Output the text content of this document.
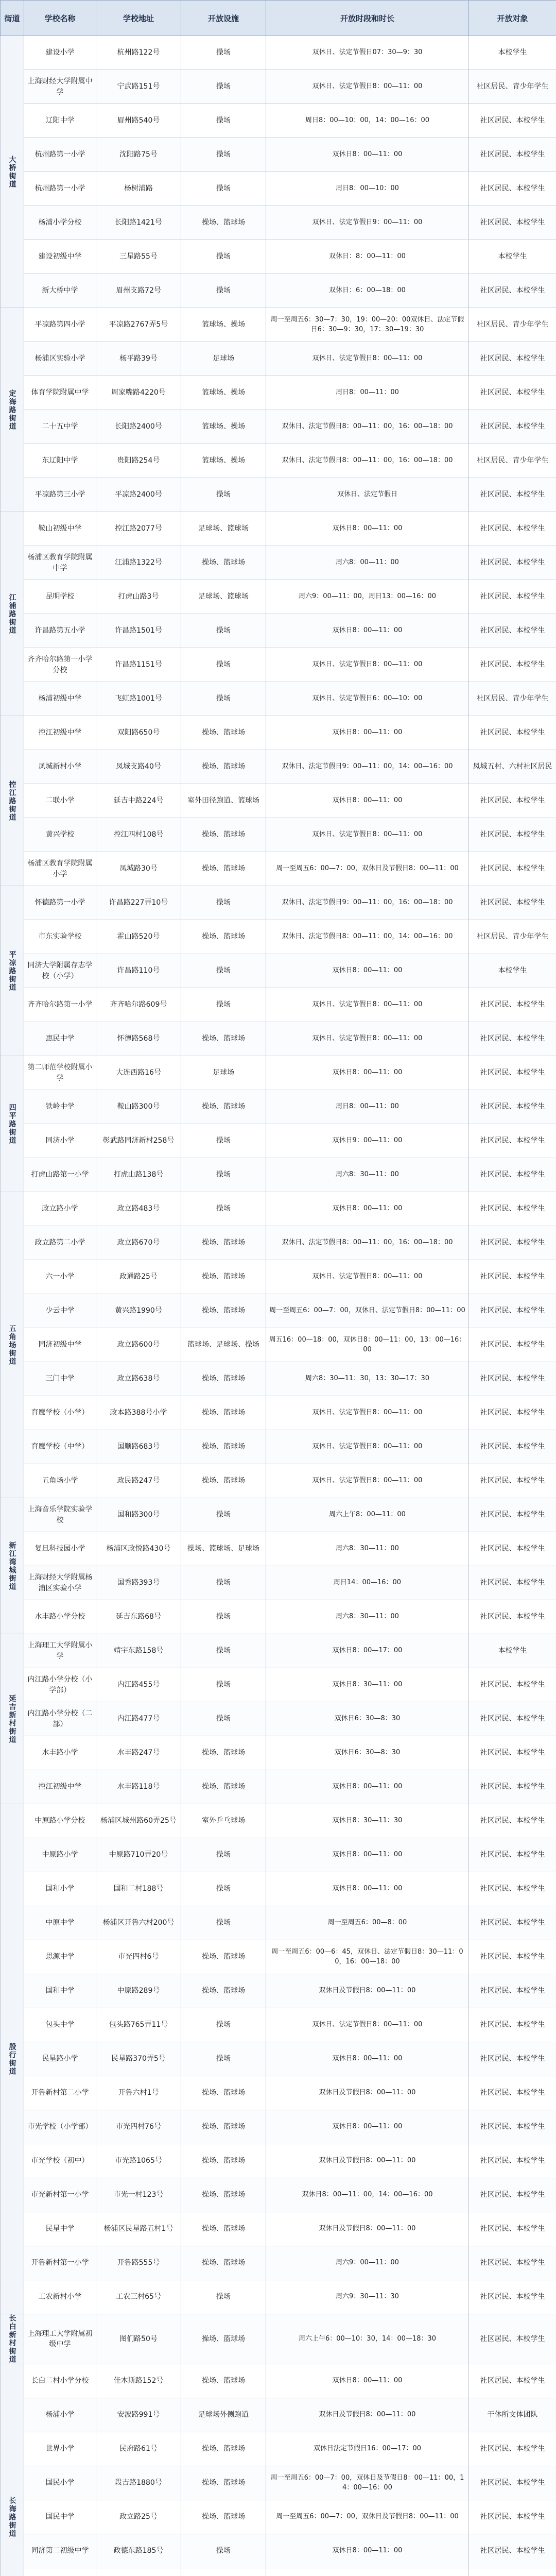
街道	学校名称	学校地址	开放设施	开放时段和时长	开放对象
大桥街道	建设小学	杭州路122号	操场	双休日、法定节假日07：30—9：30	本校学生
	上海财经大学附属中学	宁武路151号	操场	双休日、法定节假日8：00—11：00	社区居民、青少年学生
	辽阳中学	眉州路540号	操场	周日8：00—10：00，14：00—16：00	社区居民、本校学生
	杭州路第一小学	沈阳路75号	操场	双休日8：00—11：00	社区居民、本校学生
	杭州路第一小学	杨树浦路	操场	周日8：00—10：00	社区居民、本校学生
	杨浦小学分校	长阳路1421号	操场、篮球场	双休日、法定节假日9：00—11：00	社区居民、本校学生
	建设初级中学	三星路55号	操场	双休日：8：00—11：00	本校学生
	新大桥中学	眉州支路72号	操场	双休日：6：00—18：00	社区居民、本校学生
定海路街道	平凉路第四小学	平凉路2767弄5号	篮球场、操场	周一至周五6：30—7：30，19：00—20：00双休日、法定节假日6：30—9：30，17：30—19：30	社区居民、青少年学生
	杨浦区实验小学	杨平路39号	足球场	双休日、法定节假日8：00—11：00	社区居民、本校学生
	体育学院附属中学	周家嘴路4220号	篮球场、操场	周日8：00—11：00	社区居民、本校学生
	二十五中学	长阳路2400号	篮球场、操场	双休日、法定节假日8：00—11：00，16：00—18：00	社区居民、本校学生
	东辽阳中学	贵阳路254号	篮球场、操场	双休日、法定节假日8：00—11：00，16：00—18：00	社区居民、青少年学生
	平凉路第三小学	平凉路2400号	操场	双休日、法定节假日	社区居民、本校学生
江浦路街道	鞍山初级中学	控江路2077号	足球场、篮球场	双休日8：00—11：00	社区居民、本校学生
	杨浦区教育学院附属中学	江浦路1322号	操场、篮球场	周六8：00—11：00	社区居民、本校学生
	昆明学校	打虎山路3号	足球场、篮球场	周六9：00—11：00，周日13：00—16：00	社区居民、本校学生
	许昌路第五小学	许昌路1501号	操场	双休日8：00—11：00	社区居民、本校学生
	齐齐哈尔路第一小学分校	许昌路1151号	操场	双休日、法定节假日8：00—11：00	社区居民、本校学生
	杨浦初级中学	飞虹路1001号	操场	双休日、法定节假日6：00—10：00	社区居民、青少年学生
控江路街道	控江初级中学	双阳路650号	操场、篮球场	双休日8：00—11：00	社区居民、本校学生
	凤城新村小学	凤城支路40号	操场、篮球场	双休日、法定节假日9：00—11：00，14：00—16：00	凤城五村、六村社区居民
	二联小学	延吉中路224号	室外田径跑道、篮球场	双休日8：00—11：00	社区居民、本校学生
	黄兴学校	控江四村108号	操场、篮球场	双休日、法定节假日8：00—11：00	社区居民、本校学生
	杨浦区教育学院附属小学	凤城路30号	操场、篮球场	周一至周五6：00—7：00，双休日及节假日8：00—11：00	社区居民、本校学生
平凉路街道	怀德路第一小学	许昌路227弄10号	操场	双休日、法定节假日9：00—11：00，16：00—18：00	社区居民、本校学生
	市东实验学校	霍山路520号	操场、篮球场	双休日、法定节假日8：00—11：00，14：00—16：00	社区居民、青少年学生
	同济大学附属存志学校（小学）	许昌路110号	操场	双休日8：00—11：00	本校学生
	齐齐哈尔路第一小学	齐齐哈尔路609号	操场	双休日、法定节假日8：00—11：00	社区居民、本校学生
	惠民中学	怀德路568号	操场、篮球场	双休日、法定节假日8：00—11：00	社区居民、本校学生
四平路街道	第二师范学校附属小学	大连西路16号	足球场	双休日8：00—11：00	社区居民、本校学生
	铁岭中学	鞍山路300号	操场、篮球场	周日8：00—11：00	社区居民、本校学生
	同济小学	彰武路同济新村258号	操场	双休日9：00—11：00	社区居民、本校学生
	打虎山路第一小学	打虎山路138号	操场	周六8：30—11：00	社区居民、本校学生
五角场街道	政立路小学	政立路483号	操场	双休日8：00—11：00	社区居民、本校学生
	政立路第二小学	政立路670号	操场、篮球场	双休日、法定节假日8：00—11：00，16：00—18：00	社区居民、本校学生
	六一小学	政通路25号	操场、篮球场	双休日、法定节假日8：00—11：00	社区居民、本校学生
	少云中学	黄兴路1990号	操场、篮球场	周一至周五6：00—7：00，双休日、法定节假日8：00—11：00	社区居民、本校学生
	同济初级中学	政立路600号	篮球场、足球场、操场	周五16：00—18：00，双休日8：00—11：00，13：00—16：00	社区居民、本校学生
	三门中学	政立路638号	操场、篮球场	周六8：30—11：30，13：30—17：30	社区居民、本校学生
	育鹰学校（小学）	政本路388号小学	操场、篮球场	双休日、法定节假日8：00—11：00	社区居民、本校学生
	育鹰学校（中学）	国顺路683号	操场、篮球场	双休日、法定节假日8：00—11：00	社区居民、本校学生
	五角场小学	政民路247号	操场、篮球场	双休日、法定节假日8：00—11：00	社区居民、本校学生
新江湾城街道	上海音乐学院实验学校	国和路300号	操场	周六上午8：00—11：00	社区居民、本校学生
	复旦科技园小学	杨浦区政悦路430号	操场、篮球场、足球场	周六8：30—11：00	社区居民、本校学生
	上海财经大学附属杨浦区实验小学	国秀路393号	操场	周日14：00—16：00	社区居民、本校学生
	水丰路小学分校	延吉东路68号	操场	周六8：30—11：00	社区居民、本校学生
延吉新村街道	上海理工大学附属小学	靖宇东路158号	操场	双休日8：00—17：00	本校学生
	内江路小学分校（小学部）	内江路455号	操场	双休日8：30—11：00	社区居民、本校学生
	内江路小学分校（二部）	内江路477号	操场	双休日6：30—8：30	社区居民、本校学生
	水丰路小学	水丰路247号	操场、篮球场	双休日6：30—8：30	社区居民、本校学生
	控江初级中学	水丰路118号	操场、篮球场	双休日8：00—11：00	社区居民、本校学生
殷行街道	中原路小学分校	杨浦区城州路60弄25号	室外乒乓球场	双休日8：30—11：30	社区居民、本校学生
	中原路小学	中原路710弄20号	操场	双休日8：00—11：00	社区居民、本校学生
	国和小学	国和二村188号	操场	双休日8：00—11：00	社区居民、本校学生
	中原中学	杨浦区开鲁六村200号	操场	周一至周五6：00—8：00	社区居民、本校学生
	思源中学	市光四村6号	操场、篮球场	周一至周五6：00—6：45，双休日、法定节假日8：30—11：00，16：00—18：00	社区居民、本校学生
	国和中学	中原路289号	操场、篮球场	双休日及节假日8：00—11：00	社区居民、本校学生
	包头中学	包头路765弄11号	操场	双休日、法定节假日8：00—11：00	社区居民、本校学生
	民星路小学	民星路370弄5号	操场	双休日8：00—11：00	社区居民、本校学生
	开鲁新村第二小学	开鲁六村1号	操场、篮球场	双休日及节假日8：00—11：00	社区居民、本校学生
	市光学校（小学部）	市光四村76号	操场、篮球场	双休日8：00—11：00	社区居民、本校学生
	市光学校（初中）	市光路1065号	操场、篮球场	双休日及节假日8：00—11：00	社区居民、本校学生
	市光新村第一小学	市光一村123号	操场、篮球场	双休日8：00—11：00，14：00—16：00	社区居民、本校学生
	民星中学	杨浦区民星路五村1号	操场、篮球场	双休日及节假日8：00—11：00	社区居民、本校学生
	开鲁新村第一小学	开鲁路555号	操场、篮球场	周六9：00—11：00	社区居民、本校学生
	工农新村小学	工农三村65号	操场	周六9：30—11：30	社区居民、本校学生
长白新村街道	上海理工大学附属初级中学	图们路50号	操场、篮球场	周六上午6：00—10：30，14：00—18：30	社区居民、本校学生
长海路街道	长白二村小学分校	佳木斯路152号	操场、篮球场	双休日8：00—11：00	社区居民、本校学生
	杨浦小学	安波路991号	足球场外侧跑道	双休日及节假日8：00—11：00	干休所文体团队
	世界小学	民府路61号	操场、篮球场	双休日法定节假日16：00—17：00	社区居民、本校学生
	国民小学	段吉路1880号	操场、篮球场	周一至周五6：00—7：00，双休日及节假日8：00—11：00，14：00—16：00	社区居民、本校学生
	国民中学	政立路25号	操场、篮球场	周一至周五6：00—7：00，双休日及节假日8：00—11：00	社区居民、本校学生
	同济第二初级中学	政德东路185号	操场	双休日8：00—11：00	社区居民、本校学生
